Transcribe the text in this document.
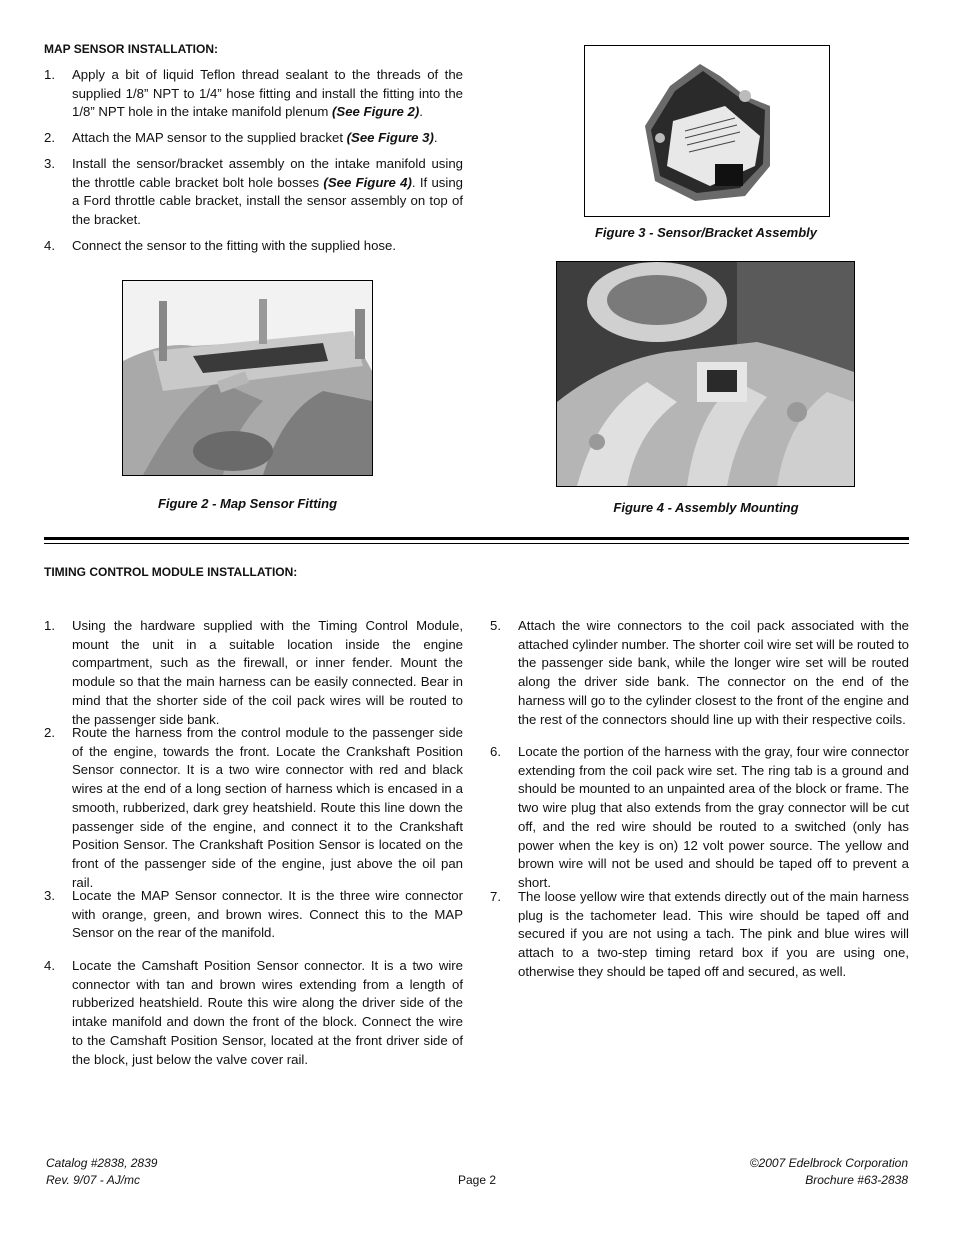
MAP SENSOR INSTALLATION:
1. Apply a bit of liquid Teflon thread sealant to the threads of the supplied 1/8” NPT to 1/4” hose fitting and install the fitting into the 1/8” NPT hole in the intake manifold plenum (See Figure 2).
2. Attach the MAP sensor to the supplied bracket (See Figure 3).
3. Install the sensor/bracket assembly on the intake manifold using the throttle cable bracket bolt hole bosses (See Figure 4). If using a Ford throttle cable bracket, install the sensor assembly on top of the bracket.
4. Connect the sensor to the fitting with the supplied hose.
Figure 3 - Sensor/Bracket Assembly
Figure 2 - Map Sensor Fitting	Figure 4 - Assembly Mounting
TIMING CONTROL MODULE INSTALLATION:
1. Using the hardware supplied with the Timing Control Module, mount the unit in a suitable location inside the engine compartment, such as the firewall, or inner fender. Mount the module so that the main harness can be easily connected. Bear in mind that the shorter side of the coil pack wires will be routed to the passenger side bank.
2. Route the harness from the control module to the passenger side of the engine, towards the front. Locate the Crankshaft Position Sensor connector. It is a two wire connector with red and black wires at the end of a long section of harness which is encased in a smooth, rubberized, dark grey heatshield. Route this line down the passenger side of the engine, and connect it to the Crankshaft Position Sensor. The Crankshaft Position Sensor is located on the front of the passenger side of the engine, just above the oil pan rail.
3. Locate the MAP Sensor connector. It is the three wire connector with orange, green, and brown wires. Connect this to the MAP Sensor on the rear of the manifold.
4. Locate the Camshaft Position Sensor connector. It is a two wire connector with tan and brown wires extending from a length of rubberized heatshield. Route this wire along the driver side of the intake manifold and down the front of the block. Connect the wire to the Camshaft Position Sensor, located at the front driver side of the block, just below the valve cover rail.
5. Attach the wire connectors to the coil pack associated with the attached cylinder number. The shorter coil wire set will be routed to the passenger side bank, while the longer wire set will be routed along the driver side bank. The connector on the end of the harness will go to the cylinder closest to the front of the engine and the rest of the connectors should line up with their respective coils.
6. Locate the portion of the harness with the gray, four wire connector extending from the coil pack wire set. The ring tab is a ground and should be mounted to an unpainted area of the block or frame. The two wire plug that also extends from the gray connector will be cut off, and the red wire should be routed to a switched (only has power when the key is on) 12 volt power source. The yellow and brown wire will not be used and should be taped off to prevent a short.
7. The loose yellow wire that extends directly out of the main harness plug is the tachometer lead. This wire should be taped off and secured if you are not using a tach. The pink and blue wires will attach to a two-step timing retard box if you are using one, otherwise they should be taped off and secured, as well.
Catalog #2838, 2839
Rev. 9/07 - AJ/mc	Page 2
©2007 Edelbrock Corporation
Brochure #63-2838
